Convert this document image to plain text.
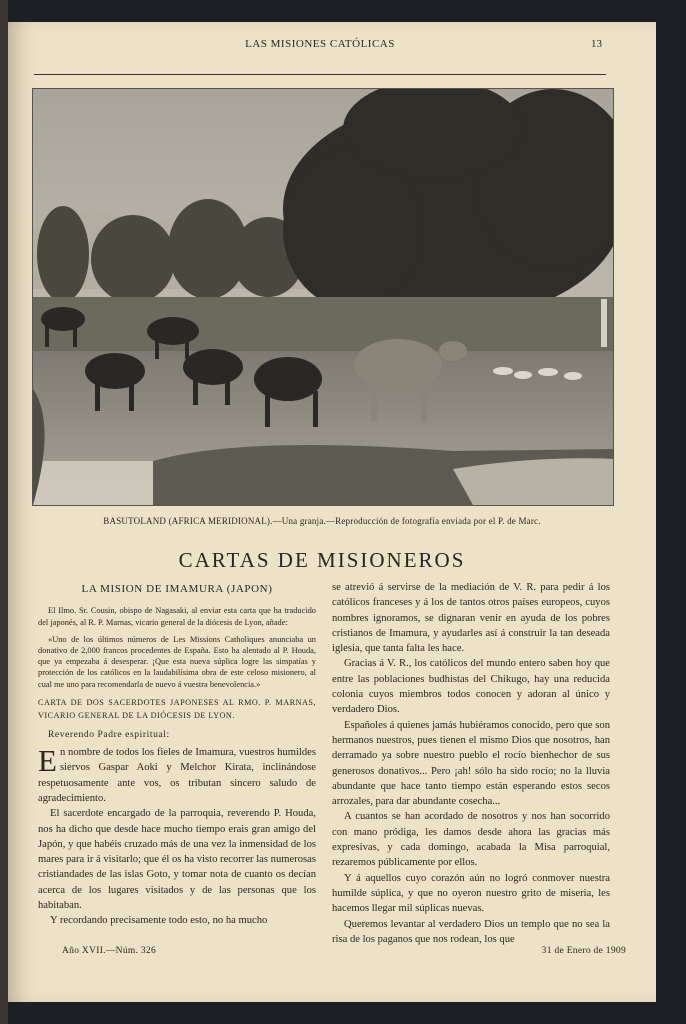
LAS MISIONES CATÓLICAS	13
BASUTOLAND (AFRICA MERIDIONAL).—Una granja.—Reproducción de fotografía enviada por el P. de Marc.
CARTAS DE MISIONEROS
LA MISION DE IMAMURA (JAPON)

El Ilmo. Sr. Cousin, obispo de Nagasaki, al enviar esta carta que ha traducido del japonés, al R. P. Marnas, vicario general de la diócesis de Lyon, añade:

«Uno de los últimos números de Les Missions Catholiques anunciaba un donativo de 2,000 francos procedentes de España. Esto ha alentado al P. Houda, que ya empezaba á desesperar. ¡Que esta nueva súplica logre las simpatías y protección de los católicos en la laudabilísima obra de este celoso misionero, al cual me uno para recomendarla de nuevo á vuestra benevolencia.»

CARTA DE DOS SACERDOTES JAPONESES AL RMO. P. MARNAS, VICARIO GENERAL DE LA DIÓCESIS DE LYON.

Reverendo Padre espiritual:

En nombre de todos los fieles de Imamura, vuestros humildes siervos Gaspar Aoki y Melchor Kirata, inclinándose respetuosamente ante vos, os tributan sincero saludo de agradecimiento.

El sacerdote encargado de la parroquia, reverendo P. Houda, nos ha dicho que desde hace mucho tiempo erais gran amigo del Japón, y que habéis cruzado más de una vez la inmensidad de los mares para ir á visitarlo; que él os ha visto recorrer las numerosas cristiandades de las islas Goto, y tomar nota de cuanto os decían acerca de los lugares visitados y de las personas que los habitaban.

Y recordando precisamente todo esto, no ha mucho

se atrevió á servirse de la mediación de V. R. para pedir á los católicos franceses y á los de tantos otros países europeos, cuyos nombres ignoramos, se dignaran venir en ayuda de los pobres cristianos de Imamura, y ayudarles así á construir la tan deseada iglesia, que tanta falta les hace.

Gracias á V. R., los católicos del mundo entero saben hoy que entre las poblaciones budhistas del Chikugo, hay una reducida colonia cuyos miembros todos conocen y adoran al único y verdadero Dios.

Españoles á quienes jamás hubiéramos conocido, pero que son hermanos nuestros, pues tienen el mismo Dios que nosotros, han derramado ya sobre nuestro pueblo el rocío bienhechor de sus generosos donativos... Pero ¡ah! sólo ha sido rocío; no la lluvia abundante que hace tanto tiempo están esperando estos secos arrozales, para dar abundante cosecha...

A cuantos se han acordado de nosotros y nos han socorrido con mano pródiga, les damos desde ahora las gracias más expresivas, y cada domingo, acabada la Misa parroquial, rezaremos públicamente por ellos.

Y á aquellos cuyo corazón aún no logró conmover nuestra humilde súplica, y que no oyeron nuestro grito de miseria, les hacemos llegar mil súplicas nuevas.

Queremos levantar al verdadero Dios un templo que no sea la risa de los paganos que nos rodean, los que

Año XVII.—Núm. 326	31 de Enero de 1909
